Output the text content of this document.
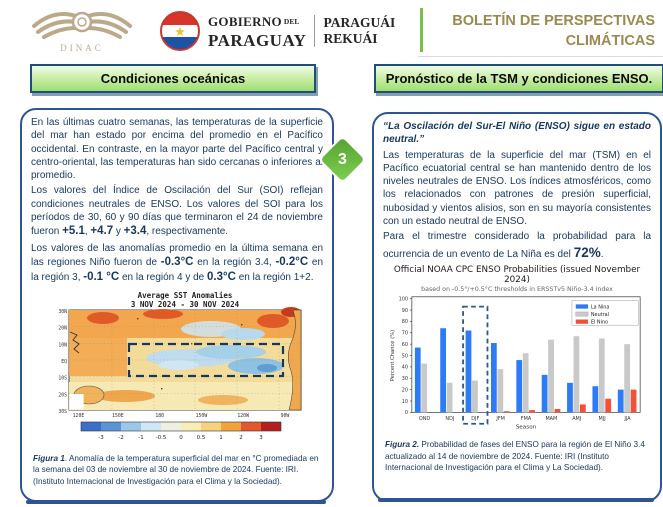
DINAC
★
GOBIERNO DEL
PARAGUAY
PARAGUÁI
REKUÁI
BOLETÍN DE PERSPECTIVAS
CLIMÁTICAS
Condiciones oceánicas	Pronóstico de la TSM y condiciones ENSO.
3

En las últimas cuatro semanas, las temperaturas de la superficie del mar han estado por encima del promedio en el Pacífico occidental. En contraste, en la mayor parte del Pacífico central y centro-oriental, las temperaturas han sido cercanas o inferiores al promedio.

Los valores del Índice de Oscilación del Sur (SOI) reflejan condiciones neutrales de ENSO. Los valores del SOI para los períodos de 30, 60 y 90 días que terminaron el 24 de noviembre fueron +5.1, +4.7 y +3.4, respectivamente.

Los valores de las anomalías promedio en la última semana en las regiones Niño fueron de -0.3°C en la región 3.4, -0.2°C en la región 3, -0.1 °C en la región 4 y de 0.3°C en la región 1+2.

Average SST Anomalies
3 NOV 2024 - 30 NOV 2024
30N
20N
10N
EQ
10S
20S
30S
120E	150E	180	150W	120W	90W
-3	-2	-1 -0.5 0	0.5	1	2	3

Figura 1. Anomalía de la temperatura superficial del mar en °C promediada en la semana del 03 de noviembre al 30 de noviembre de 2024. Fuente: IRI. (Instituto Internacional de Investigación para el Clima y la Sociedad).

“La Oscilación del Sur-El Niño (ENSO) sigue en estado neutral.”

Las temperaturas de la superficie del mar (TSM) en el Pacífico ecuatorial central se han mantenido dentro de los niveles neutrales de ENSO. Los índices atmosféricos, como los relacionados con patrones de presión superficial, nubosidad y vientos alisios, son en su mayoría consistentes con un estado neutral de ENSO.

Para el trimestre considerado la probabilidad para la ocurrencia de un evento de La Niña es del 72%.

Official NOAA CPC ENSO Probabilities (issued November 2024)
based on -0.5°/+0.5°C thresholds in ERSSTv5 Niño-3.4 index
0
10
20
30
40
50
60
70
80
90
100
Percent Chance (%)
OND	NDJ	DJF	JFM	FMA	MAM	AMJ	MJJ	JJA
Season
La Nina
Neutral
El Nino

Figura 2. Probabilidad de fases del ENSO para la región de El Niño 3.4 actualizado al 14 de noviembre de 2024. Fuente: IRI (Instituto Internacional de Investigación para el Clima y La Sociedad).
